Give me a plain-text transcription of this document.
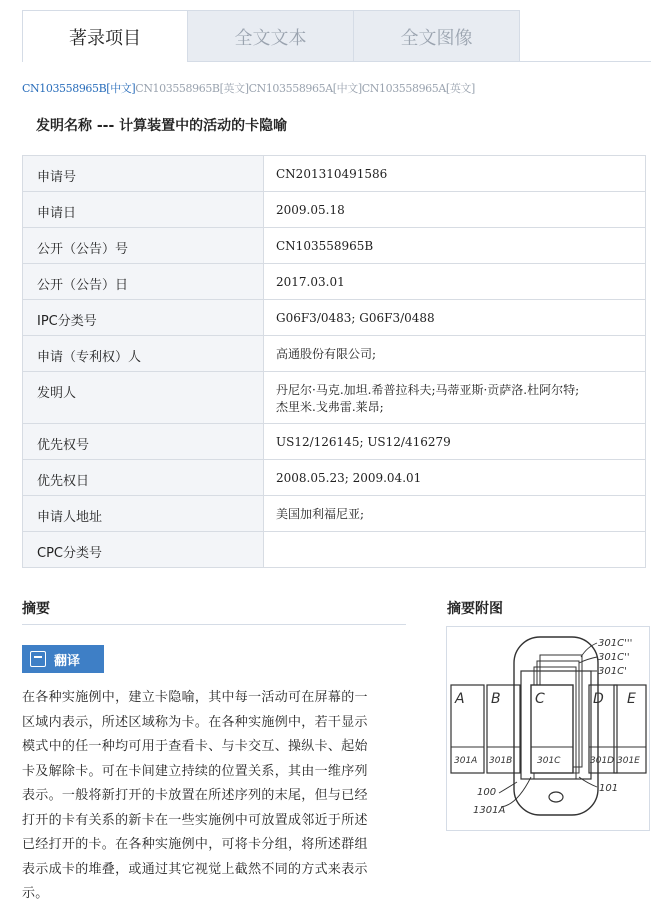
著录项目	全文文本	全文图像
CN103558965B[中文]CN103558965B[英文]CN103558965A[中文]CN103558965A[英文]
发明名称 --- 计算装置中的活动的卡隐喻
申请号	CN201310491586
申请日	2009.05.18
公开（公告）号	CN103558965B
公开（公告）日	2017.03.01
IPC分类号	G06F3/0483; G06F3/0488
申请（专利权）人	高通股份有限公司;
发明人	丹尼尔·马克.加坦.希普拉科夫;马蒂亚斯·贡萨洛.杜阿尔特;
杰里米.戈弗雷.莱昂;

优先权号	US12/126145; US12/416279
优先权日	2008.05.23; 2009.04.01
申请人地址	美国加利福尼亚;
CPC分类号	
摘要
翻译
在各种实施例中，建立卡隐喻，其中每一活动可在屏幕的一
区域内表示，所述区域称为卡。在各种实施例中，若干显示
模式中的任一种均可用于查看卡、与卡交互、操纵卡、起始
卡及解除卡。可在卡间建立持续的位置关系，其由一维序列
表示。一般将新打开的卡放置在所述序列的末尾，但与已经
打开的卡有关系的新卡在一些实施例中可放置成邻近于所述
已经打开的卡。在各种实施例中，可将卡分组，将所述群组
表示成卡的堆叠，或通过其它视觉上截然不同的方式来表示
示。
摘要附图
A
301A
B
301B
C
301C
D
301D
E
301E
301C'''
301C''
301C'
101
100
1301A
